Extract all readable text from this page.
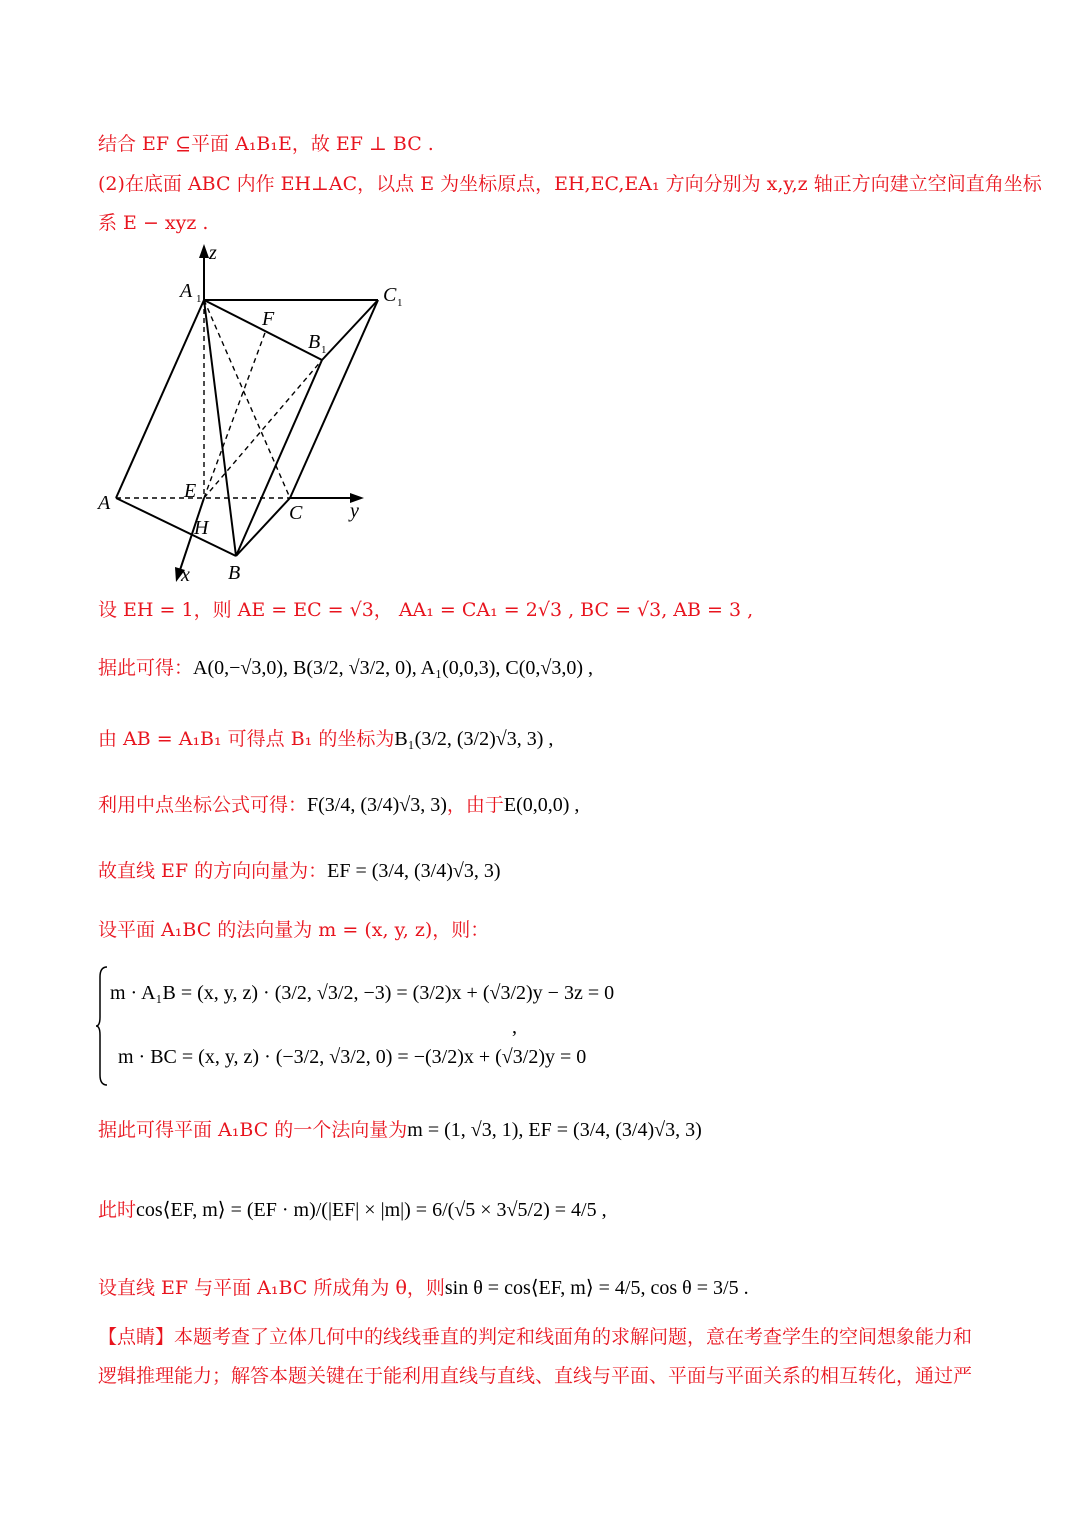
结合 EF ⊆平面 A₁B₁E，故 EF ⊥ BC .
(2)在底面 ABC 内作 EH⊥AC，以点 E 为坐标原点，EH,EC,EA₁ 方向分别为 x,y,z 轴正方向建立空间直角坐标
系 E − xyz .
z
A 1	C 1
F
B 1
A
E
C y
H
x B
设 EH = 1，则 AE = EC = √3， AA₁ = CA₁ = 2√3 , BC = √3, AB = 3 ,
据此可得：A(0,−√3,0), B(3/2, √3/2, 0), A₁(0,0,3), C(0,√3,0) ,
由 AB = A₁B₁ 可得点 B₁ 的坐标为B₁(3/2, (3/2)√3, 3) ,
利用中点坐标公式可得：F(3/4, (3/4)√3, 3)，由于E(0,0,0) ,
故直线 EF 的方向向量为：EF = (3/4, (3/4)√3, 3)
设平面 A₁BC 的法向量为 m = (x, y, z)，则：
m · A₁B = (x, y, z) · (3/2, √3/2, −3) = (3/2)x + (√3/2)y − 3z = 0
m · BC = (x, y, z) · (−3/2, √3/2, 0) = −(3/2)x + (√3/2)y = 0
,
据此可得平面 A₁BC 的一个法向量为m = (1, √3, 1), EF = (3/4, (3/4)√3, 3)
此时cos⟨EF, m⟩ = (EF · m)/(|EF| × |m|) = 6/(√5 × 3√5/2) = 4/5 ,
设直线 EF 与平面 A₁BC 所成角为 θ，则sin θ = cos⟨EF, m⟩ = 4/5, cos θ = 3/5 .
【点睛】本题考查了立体几何中的线线垂直的判定和线面角的求解问题，意在考查学生的空间想象能力和
逻辑推理能力；解答本题关键在于能利用直线与直线、直线与平面、平面与平面关系的相互转化，通过严
